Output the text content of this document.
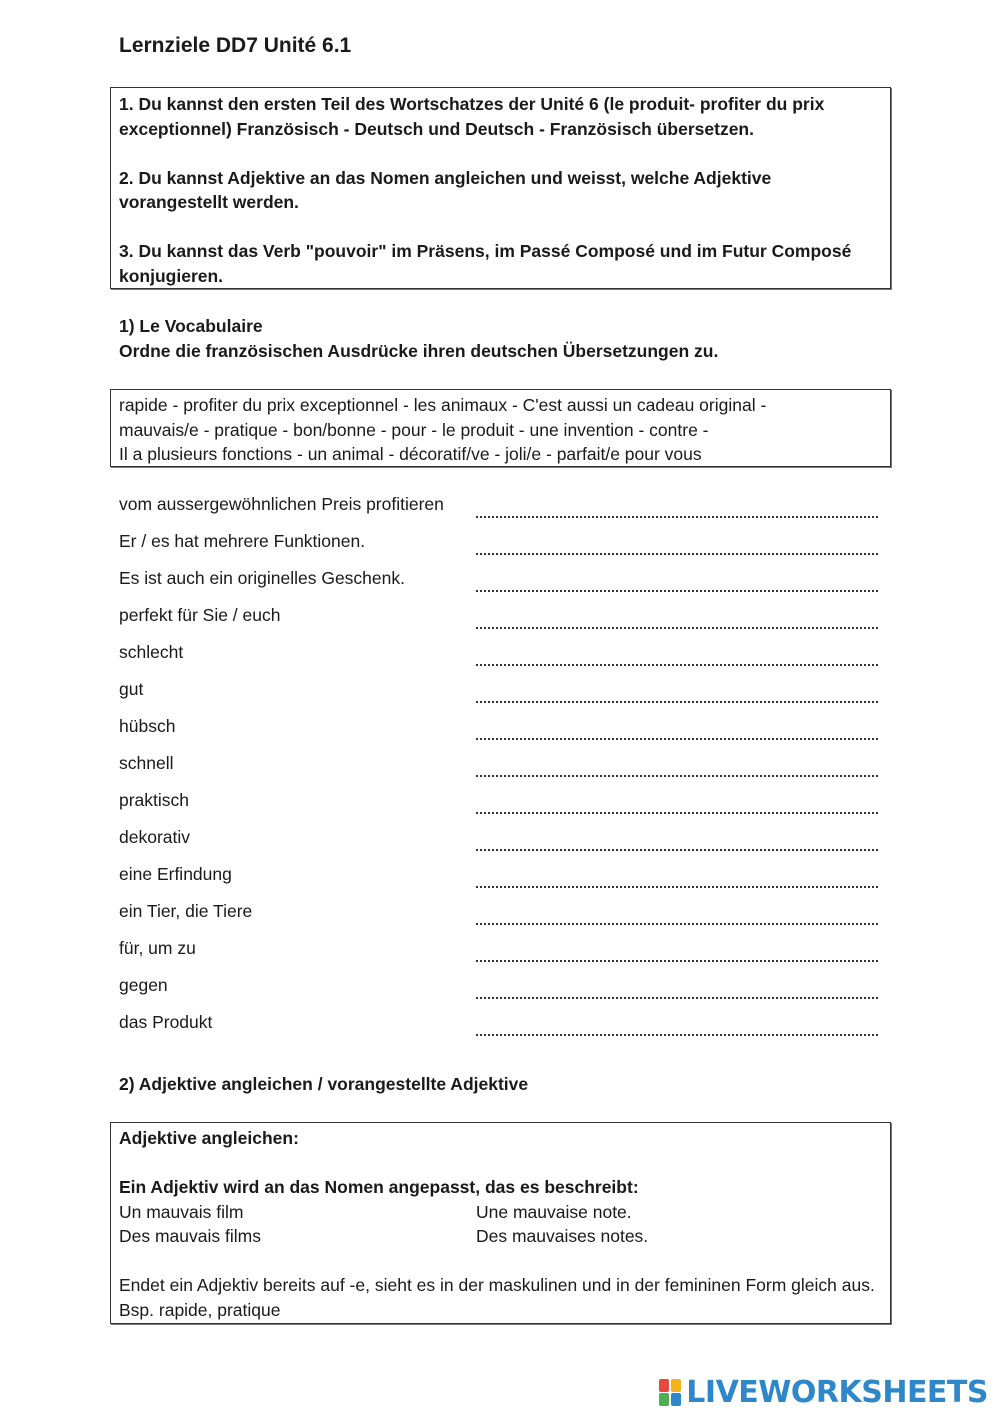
Lernziele DD7 Unité 6.1

1. Du kannst den ersten Teil des Wortschatzes der Unité 6 (le produit- profiter du prix exceptionnel) Französisch - Deutsch und Deutsch - Französisch übersetzen.

2. Du kannst Adjektive an das Nomen angleichen und weisst, welche Adjektive vorangestellt werden.

3. Du kannst das Verb "pouvoir" im Präsens, im Passé Composé und im Futur Composé konjugieren.

1) Le Vocabulaire
Ordne die französischen Ausdrücke ihren deutschen Übersetzungen zu.
rapide - profiter du prix exceptionnel - les animaux - C'est aussi un cadeau original -
mauvais/e - pratique - bon/bonne - pour - le produit - une invention - contre -
Il a plusieurs fonctions - un animal - décoratif/ve - joli/e - parfait/e pour vous
vom aussergewöhnlichen Preis profitieren
Er / es hat mehrere Funktionen.
Es ist auch ein originelles Geschenk.
perfekt für Sie / euch
schlecht
gut
hübsch
schnell
praktisch
dekorativ
eine Erfindung
ein Tier, die Tiere
für, um zu
gegen
das Produkt
2) Adjektive angleichen / vorangestellte Adjektive
Adjektive angleichen:
Ein Adjektiv wird an das Nomen angepasst, das es beschreibt:
Un mauvais film	Une mauvaise note.
Des mauvais films	Des mauvaises notes.
Endet ein Adjektiv bereits auf -e, sieht es in der maskulinen und in der femininen Form gleich aus. Bsp. rapide, pratique
LIVEWORKSHEETS
